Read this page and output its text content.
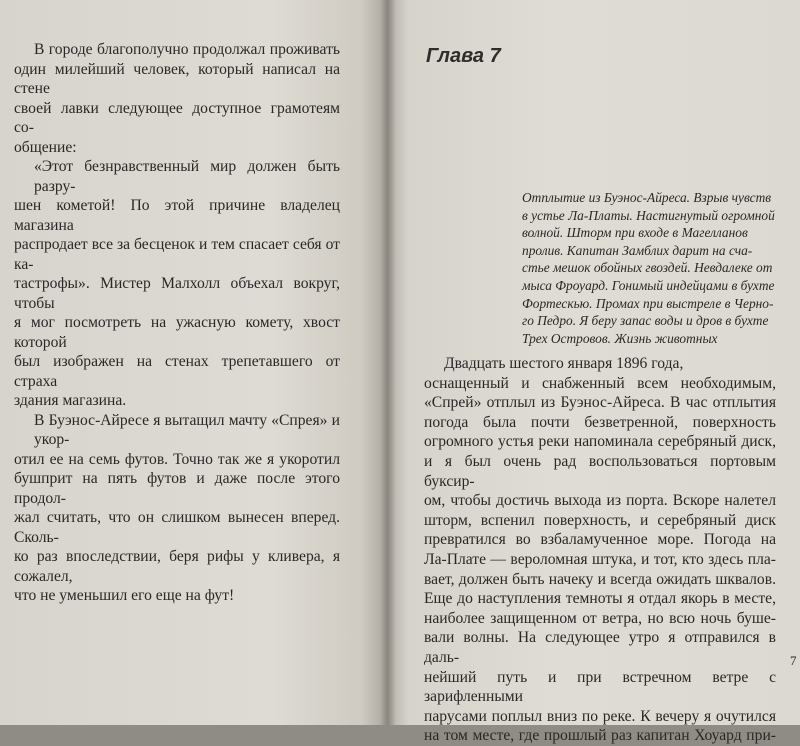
В городе благополучно продолжал проживать
один милейший человек, который написал на стене
своей лавки следующее доступное грамотеям со-
общение:
«Этот безнравственный мир должен быть разру-
шен кометой! По этой причине владелец магазина
распродает все за бесценок и тем спасает себя от ка-
тастрофы». Мистер Малхолл объехал вокруг, чтобы
я мог посмотреть на ужасную комету, хвост которой
был изображен на стенах трепетавшего от страха
здания магазина.
В Буэнос-Айресе я вытащил мачту «Спрея» и укор-
отил ее на семь футов. Точно так же я укоротил
бушприт на пять футов и даже после этого продол-
жал считать, что он слишком вынесен вперед. Сколь-
ко раз впоследствии, беря рифы у кливера, я сожалел,
что не уменьшил его еще на фут!
Глава 7
Отплытие из Буэнос-Айреса. Взрыв чувств
в устье Ла-Платы. Настигнутый огромной
волной. Шторм при входе в Магелланов
пролив. Капитан Замблих дарит на сча-
стье мешок обойных гвоздей. Невдалеке от
мыса Фроуард. Гонимый индейцами в бухте
Фортескью. Промах при выстреле в Черно-
го Педро. Я беру запас воды и дров в бухте
Трех Островов. Жизнь животных
Двадцать шестого января 1896 года,
оснащенный и снабженный всем необходимым,
«Спрей» отплыл из Буэнос-Айреса. В час отплытия
погода была почти безветренной, поверхность
огромного устья реки напоминала серебряный диск,
и я был очень рад воспользоваться портовым буксир-
ом, чтобы достичь выхода из порта. Вскоре налетел
шторм, вспенил поверхность, и серебряный диск
превратился во взбаламученное море. Погода на
Ла-Плате — вероломная штука, и тот, кто здесь пла-
вает, должен быть начеку и всегда ожидать шквалов.
Еще до наступления темноты я отдал якорь в месте,
наиболее защищенном от ветра, но всю ночь буше-
вали волны. На следующее утро я отправился в даль-
нейший путь и при встречном ветре с зарифленными
парусами поплыл вниз по реке. К вечеру я очутился
на том месте, где прошлый раз капитан Хоуард при-
7
